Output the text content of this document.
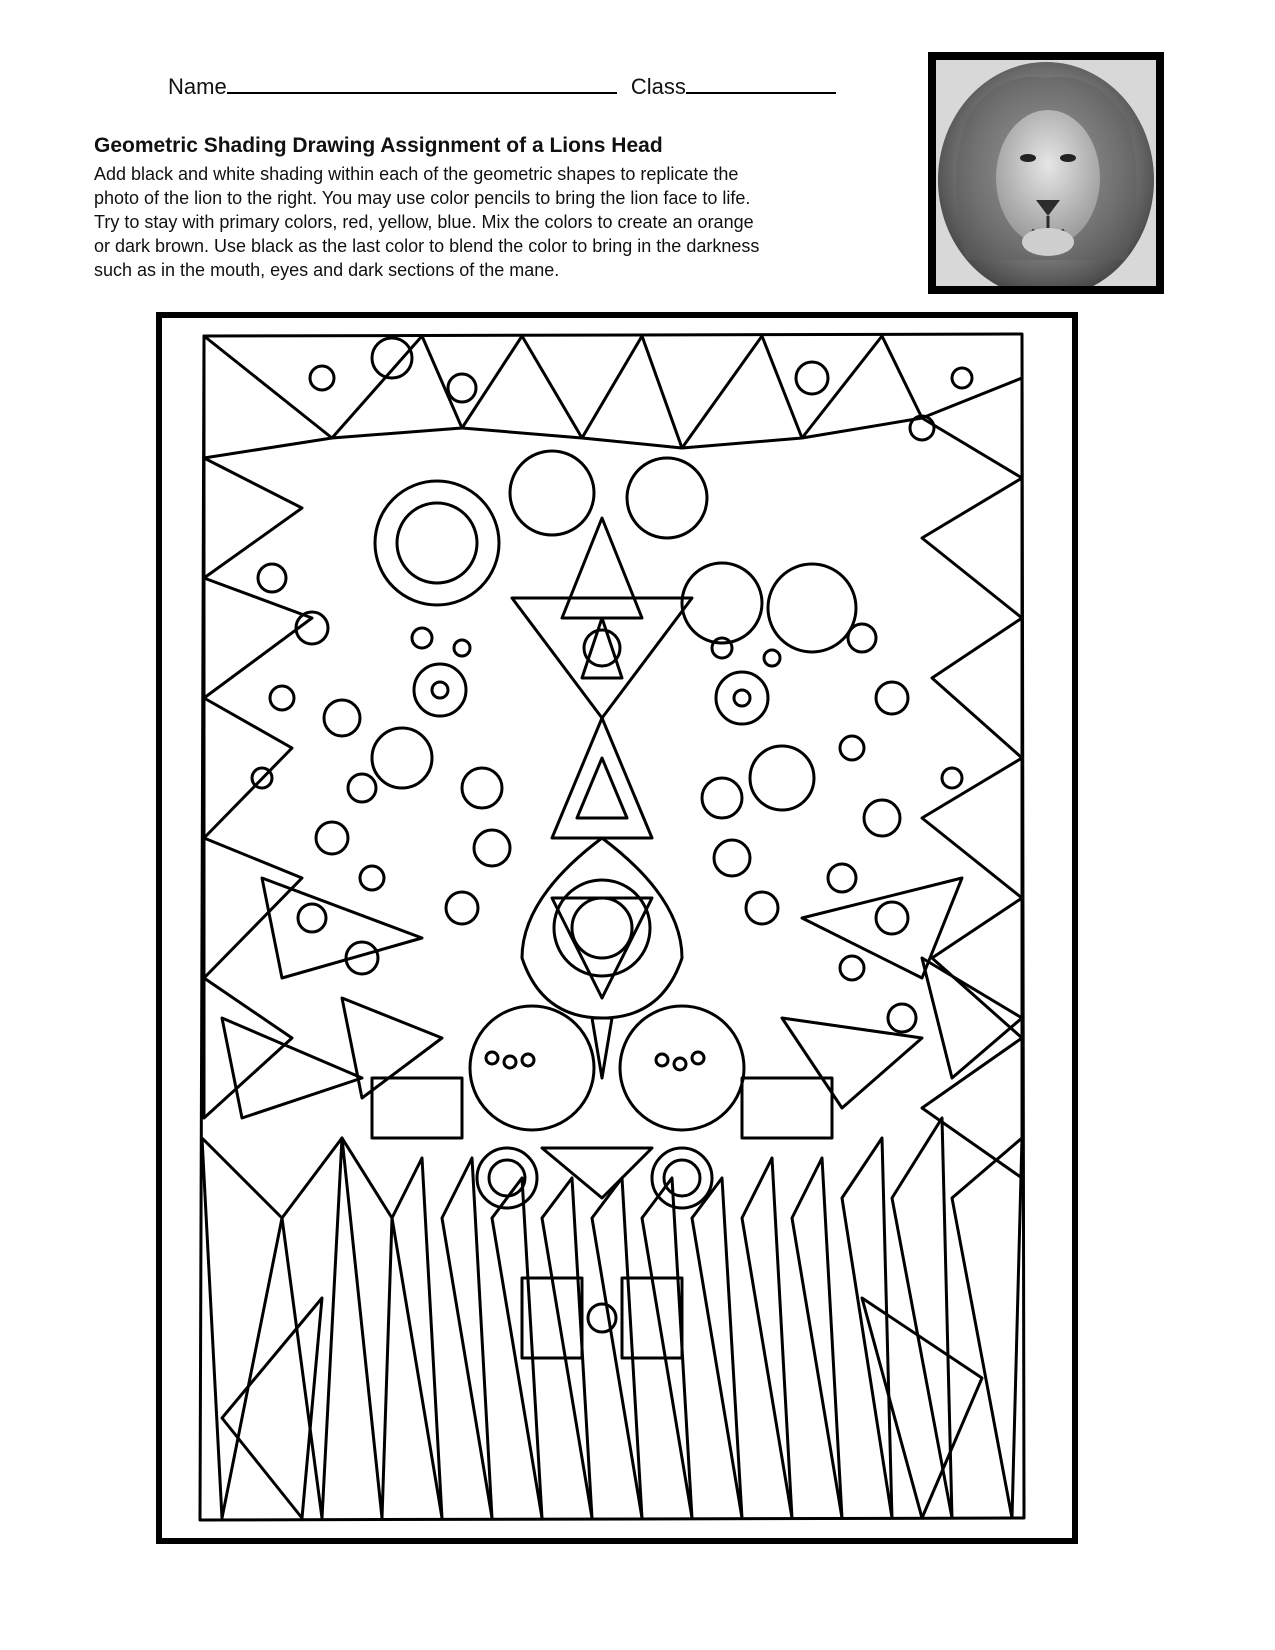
Name	Class
Geometric Shading Drawing Assignment of a Lions Head

Add black and white shading within each of the geometric shapes to replicate the

photo of the lion to the right. You may use color pencils to bring the lion face to life.

Try to stay with primary colors, red, yellow, blue. Mix the colors to create an orange

or dark brown. Use black as the last color to blend the color to bring in the darkness

such as in the mouth, eyes and dark sections of the mane.
